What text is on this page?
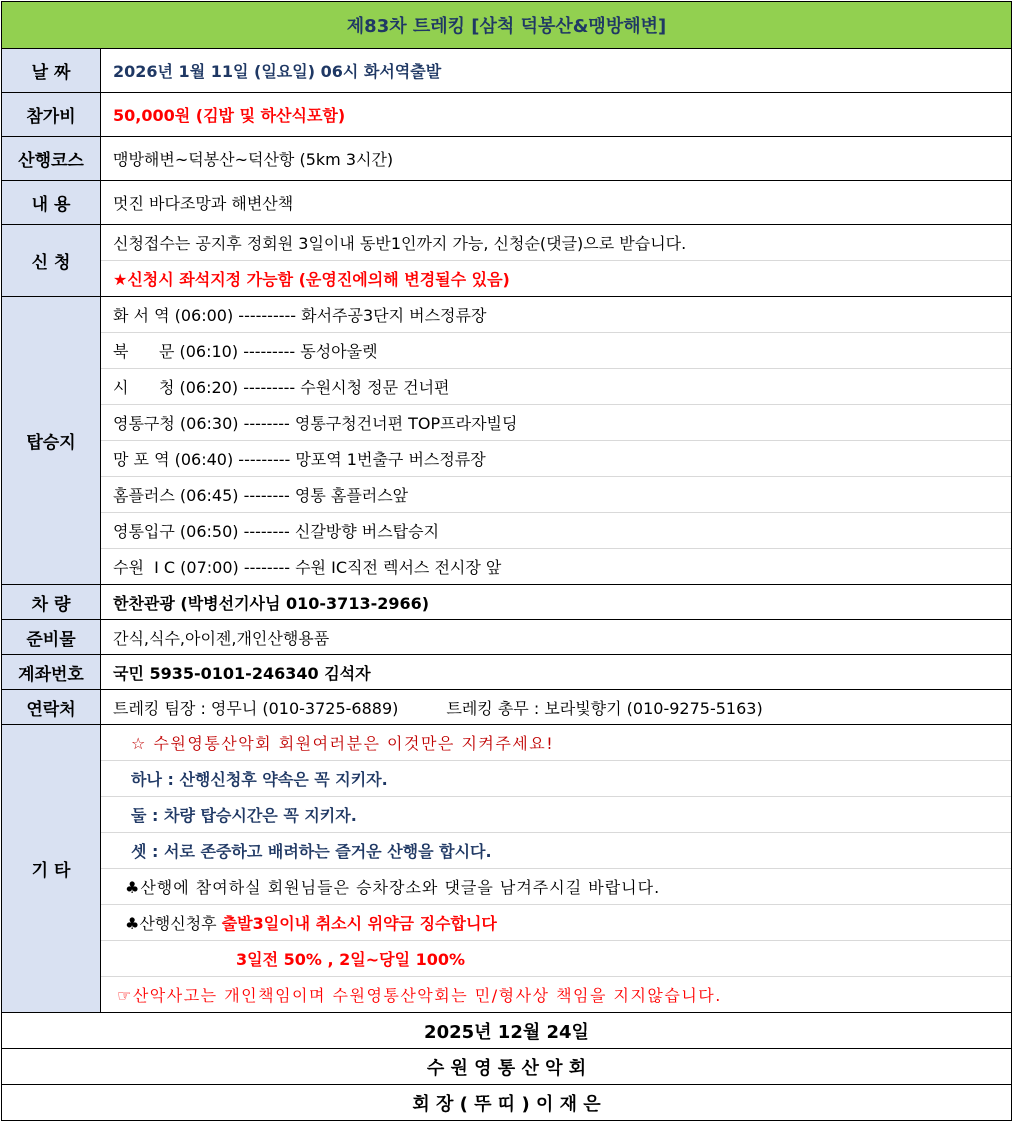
제83차 트레킹 [삼척 덕봉산&맹방해변]	
날 짜	2026년 1월 11일 (일요일) 06시 화서역출발
참가비	50,000원 (김밥 및 하산식포함)
산행코스	맹방해변~덕봉산~덕산항 (5km 3시간)
내 용	멋진 바다조망과 해변산책
신 청	신청접수는 공지후 정회원 3일이내 동반1인까지 가능, 신청순(댓글)으로 받습니다.
	★신청시 좌석지정 가능함 (운영진에의해 변경될수 있음)
탑승지	화 서 역 (06:00) ---------- 화서주공3단지 버스정류장
	북      문 (06:10) --------- 동성아울렛
	시      청 (06:20) --------- 수원시청 정문 건너편
	영통구청 (06:30) -------- 영통구청건너편 TOP프라자빌딩
	망 포 역 (06:40) --------- 망포역 1번출구 버스정류장
	홈플러스 (06:45) -------- 영통 홈플러스앞
	영통입구 (06:50) -------- 신갈방향 버스탑승지
	수원  I C (07:00) -------- 수원 IC직전 렉서스 전시장 앞
차 량	한찬관광 (박병선기사님 010-3713-2966)
준비물	간식,식수,아이젠,개인산행용품
계좌번호	국민 5935-0101-246340 김석자
연락처	트레킹 팀장 : 영무니 (010-3725-6889) 트레킹 총무 : 보라빛향기 (010-9275-5163)
기 타	☆ 수원영통산악회 회원여러분은 이것만은 지켜주세요!
	하나 : 산행신청후 약속은 꼭 지키자.
	둘 : 차량 탑승시간은 꼭 지키자.
	셋 : 서로 존중하고 배려하는 즐거운 산행을 합시다.
	♣산행에 참여하실 회원님들은 승차장소와 댓글을 남겨주시길 바랍니다.
	♣산행신청후 출발3일이내 취소시 위약금 징수합니다
	3일전 50% , 2일~당일 100%
	☞산악사고는 개인책임이며 수원영통산악회는 민/형사상 책임을 지지않습니다.
2025년 12월 24일	
수 원 영 통 산 악 회	
회 장 ( 뚜 띠 ) 이 재 은	
